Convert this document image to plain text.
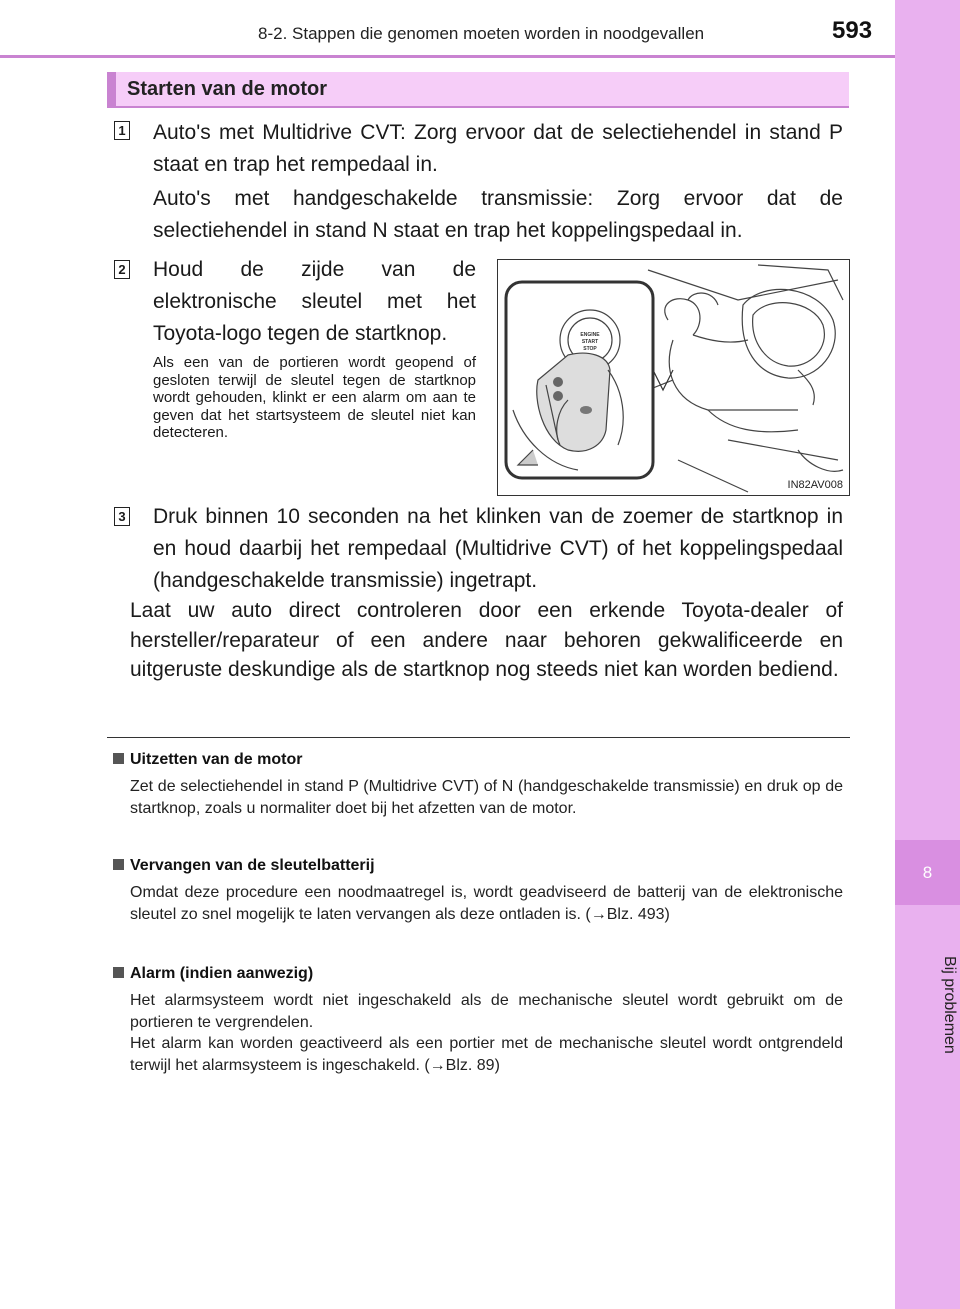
8-2. Stappen die genomen moeten worden in noodgevallen	593
8
Bij problemen
Starten van de motor
1 Auto's met Multidrive CVT: Zorg ervoor dat de selectiehendel in stand P staat en trap het rempedaal in.
Auto's met handgeschakelde transmissie: Zorg ervoor dat de selectiehendel in stand N staat en trap het koppelingspedaal in.
2 Houd de zijde van de elektronische sleutel met het Toyota-logo tegen de startknop.
Als een van de portieren wordt geopend of gesloten terwijl de sleutel tegen de startknop wordt gehouden, klinkt er een alarm om aan te geven dat het startsysteem de sleutel niet kan detecteren.
ENGINE
START
STOP
IN82AV008
3 Druk binnen 10 seconden na het klinken van de zoemer de startknop in en houd daarbij het rempedaal (Multidrive CVT) of het koppelingspedaal (handgeschakelde transmissie) ingetrapt.
Laat uw auto direct controleren door een erkende Toyota-dealer of hersteller/reparateur of een andere naar behoren gekwalificeerde en uitgeruste deskundige als de startknop nog steeds niet kan worden bediend.
Uitzetten van de motor
Zet de selectiehendel in stand P (Multidrive CVT) of N (handgeschakelde transmissie) en druk op de startknop, zoals u normaliter doet bij het afzetten van de motor.
Vervangen van de sleutelbatterij
Omdat deze procedure een noodmaatregel is, wordt geadviseerd de batterij van de elektronische sleutel zo snel mogelijk te laten vervangen als deze ontladen is. (→Blz. 493)
Alarm (indien aanwezig)
Het alarmsysteem wordt niet ingeschakeld als de mechanische sleutel wordt gebruikt om de portieren te vergrendelen.
Het alarm kan worden geactiveerd als een portier met de mechanische sleutel wordt ontgrendeld terwijl het alarmsysteem is ingeschakeld. (→Blz. 89)
